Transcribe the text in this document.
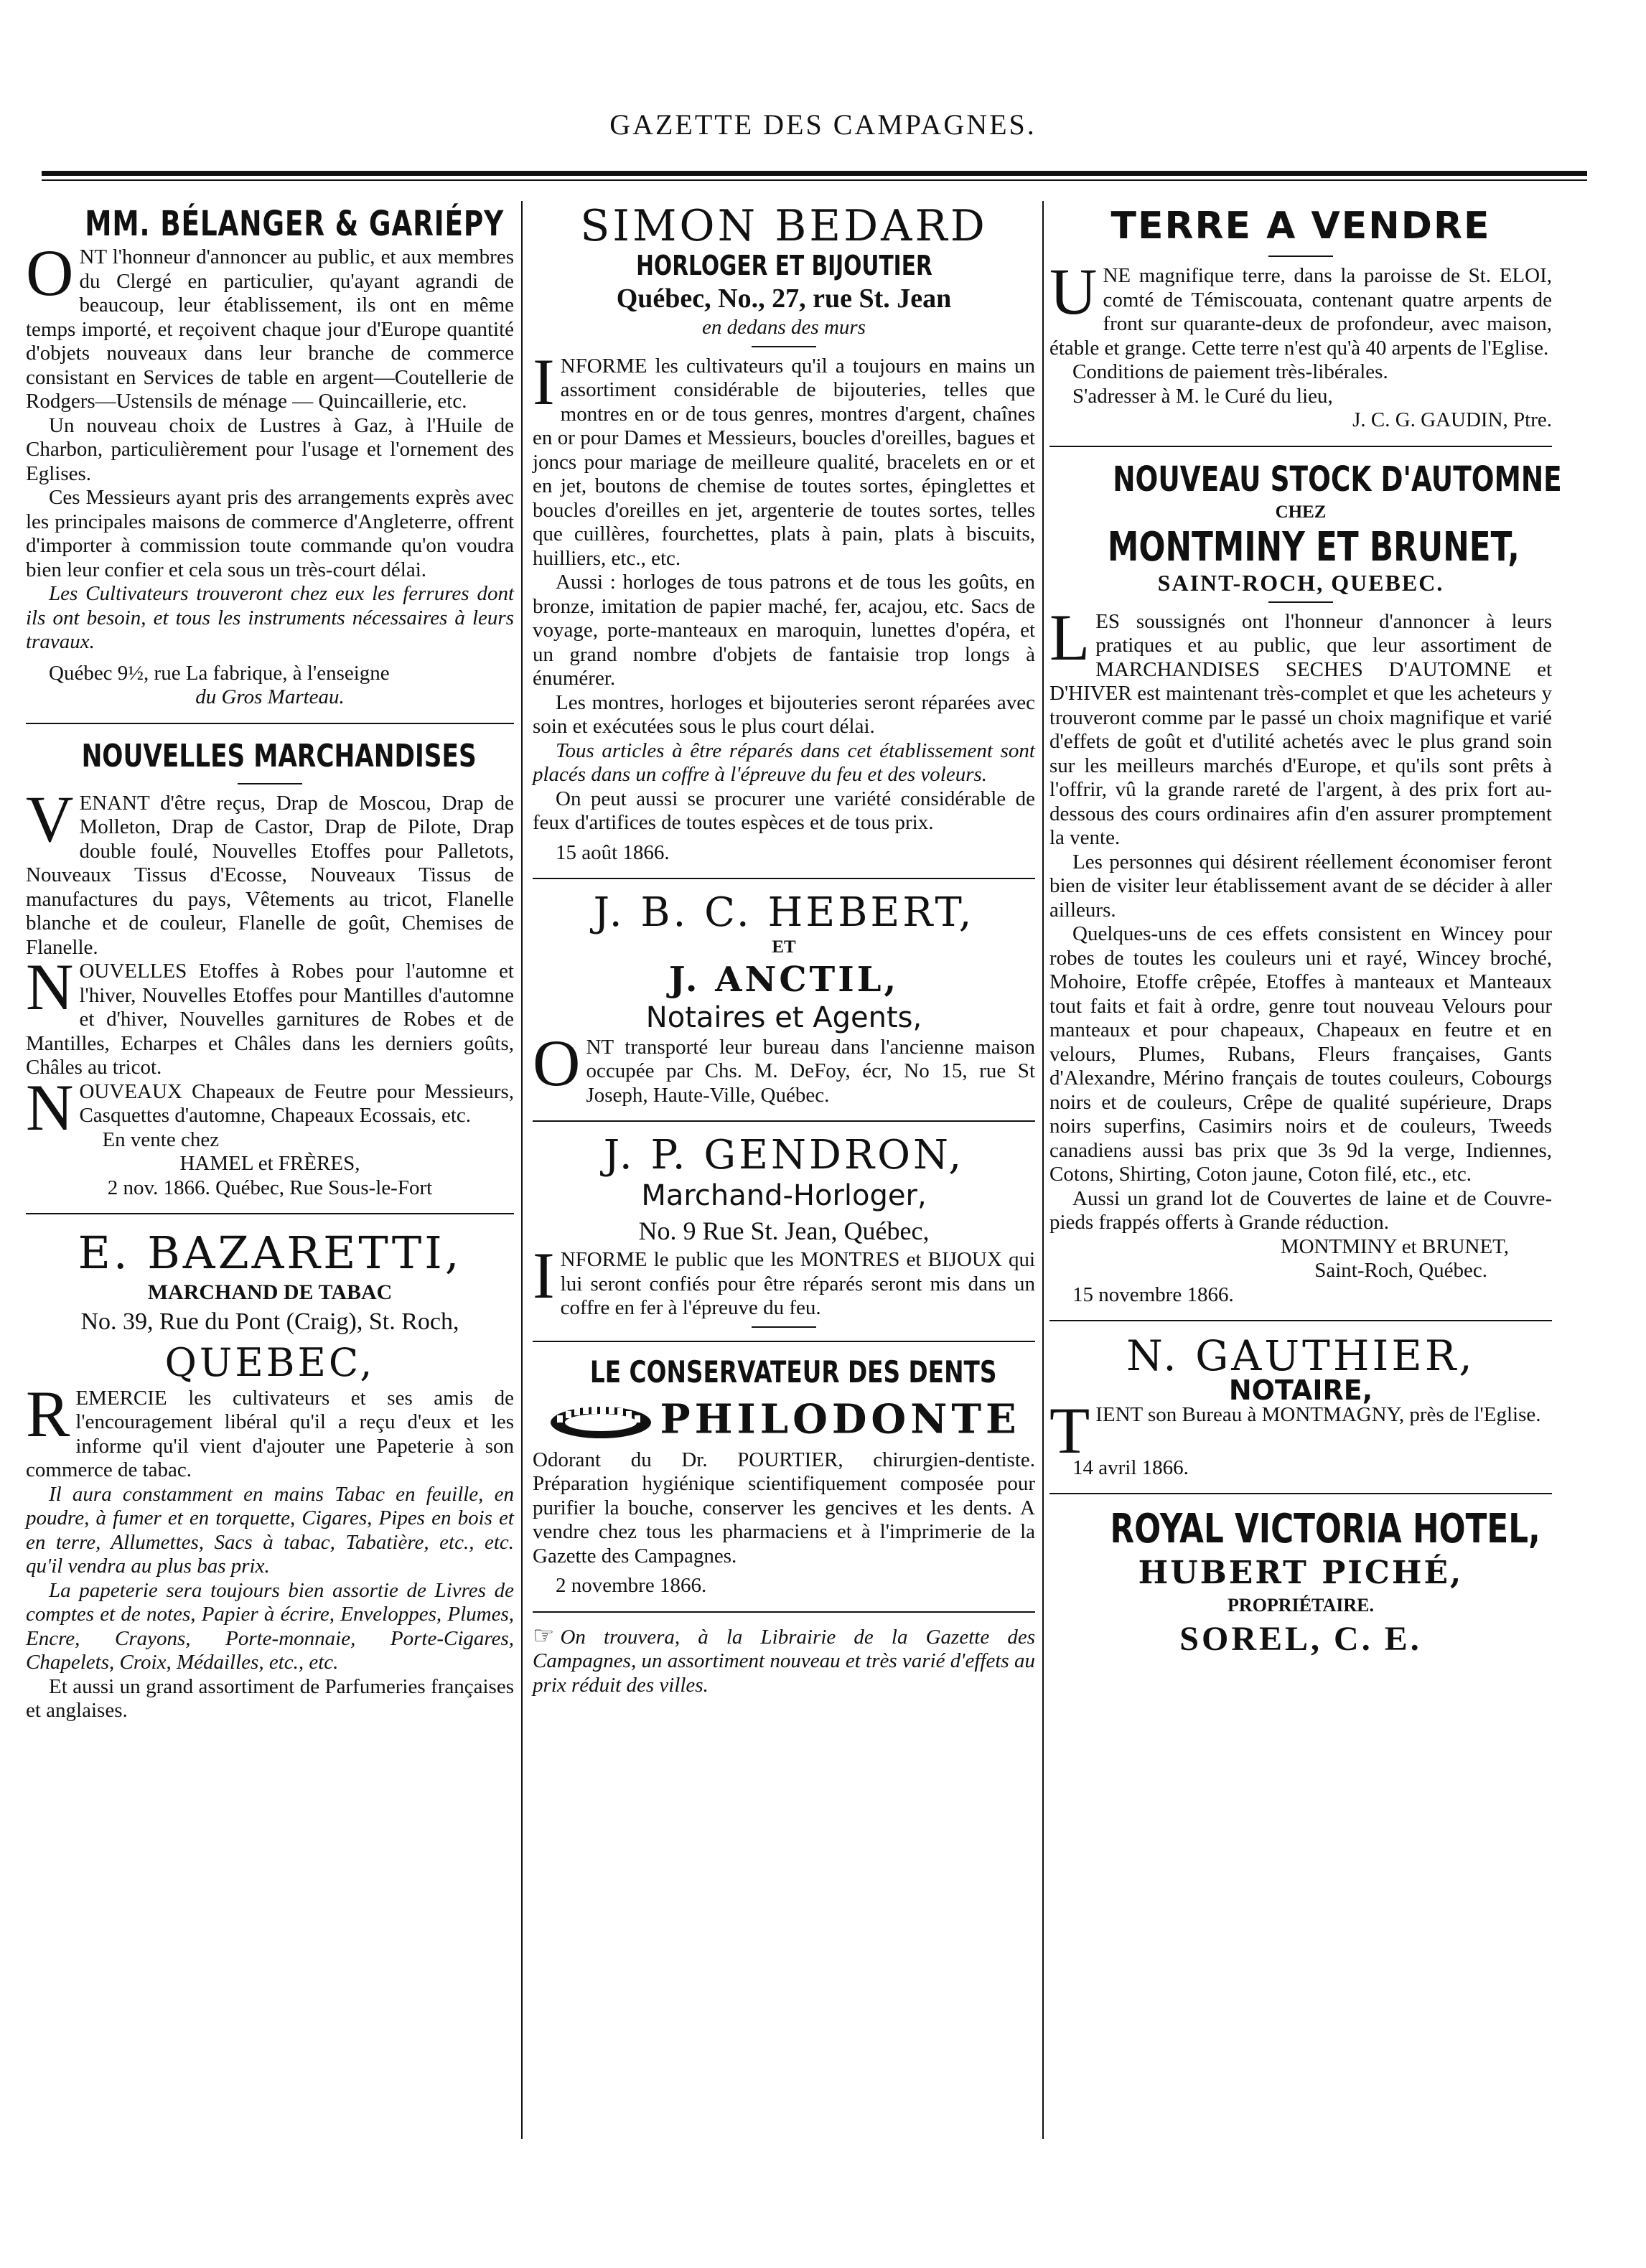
GAZETTE DES CAMPAGNES.
MM. BÉLANGER & GARIÉPY

ONT l'honneur d'annoncer au public, et aux membres du Clergé en particulier, qu'ayant agrandi de beaucoup, leur établissement, ils ont en même temps importé, et reçoivent chaque jour d'Europe quantité d'objets nouveaux dans leur branche de commerce consistant en Services de table en argent—Coutellerie de Rodgers—Ustensils de ménage — Quincaillerie, etc.

Un nouveau choix de Lustres à Gaz, à l'Huile de Charbon, particulièrement pour l'usage et l'ornement des Eglises.

Ces Messieurs ayant pris des arrangements exprès avec les principales maisons de commerce d'Angleterre, offrent d'importer à commission toute commande qu'on voudra bien leur confier et cela sous un très-court délai.

Les Cultivateurs trouveront chez eux les ferrures dont ils ont besoin, et tous les instruments nécessaires à leurs travaux.

Québec 9½, rue La fabrique, à l'enseigne

du Gros Marteau.

NOUVELLES MARCHANDISES

VENANT d'être reçus, Drap de Moscou, Drap de Molleton, Drap de Castor, Drap de Pilote, Drap double foulé, Nouvelles Etoffes pour Palletots, Nouveaux Tissus d'Ecosse, Nouveaux Tissus de manufactures du pays, Vêtements au tricot, Flanelle blanche et de couleur, Flanelle de goût, Chemises de Flanelle.

NOUVELLES Etoffes à Robes pour l'automne et l'hiver, Nouvelles Etoffes pour Mantilles d'automne et d'hiver, Nouvelles garnitures de Robes et de Mantilles, Echarpes et Châles dans les derniers goûts, Châles au tricot.

NOUVEAUX Chapeaux de Feutre pour Messieurs, Casquettes d'automne, Chapeaux Ecossais, etc.

En vente chez

HAMEL et FRÈRES,

2 nov. 1866. Québec, Rue Sous-le-Fort

E. BAZARETTI,
MARCHAND DE TABAC
No. 39, Rue du Pont (Craig), St. Roch,
QUEBEC,

REMERCIE les cultivateurs et ses amis de l'encouragement libéral qu'il a reçu d'eux et les informe qu'il vient d'ajouter une Papeterie à son commerce de tabac.

Il aura constamment en mains Tabac en feuille, en poudre, à fumer et en torquette, Cigares, Pipes en bois et en terre, Allumettes, Sacs à tabac, Tabatière, etc., etc. qu'il vendra au plus bas prix.

La papeterie sera toujours bien assortie de Livres de comptes et de notes, Papier à écrire, Enveloppes, Plumes, Encre, Crayons, Porte-monnaie, Porte-Cigares, Chapelets, Croix, Médailles, etc., etc.

Et aussi un grand assortiment de Parfumeries françaises et anglaises.

SIMON BEDARD
HORLOGER ET BIJOUTIER
Québec, No., 27, rue St. Jean
en dedans des murs

INFORME les cultivateurs qu'il a toujours en mains un assortiment considérable de bijouteries, telles que montres en or de tous genres, montres d'argent, chaînes en or pour Dames et Messieurs, boucles d'oreilles, bagues et joncs pour mariage de meilleure qualité, bracelets en or et en jet, boutons de chemise de toutes sortes, épinglettes et boucles d'oreilles en jet, argenterie de toutes sortes, telles que cuillères, fourchettes, plats à pain, plats à biscuits, huilliers, etc., etc.

Aussi : horloges de tous patrons et de tous les goûts, en bronze, imitation de papier maché, fer, acajou, etc. Sacs de voyage, porte-manteaux en maroquin, lunettes d'opéra, et un grand nombre d'objets de fantaisie trop longs à énumérer.

Les montres, horloges et bijouteries seront réparées avec soin et exécutées sous le plus court délai.

Tous articles à être réparés dans cet établissement sont placés dans un coffre à l'épreuve du feu et des voleurs.

On peut aussi se procurer une variété considérable de feux d'artifices de toutes espèces et de tous prix.

15 août 1866.

J. B. C. HEBERT,
ET
J. ANCTIL,
Notaires et Agents,

ONT transporté leur bureau dans l'ancienne maison occupée par Chs. M. DeFoy, écr, No 15, rue St Joseph, Haute-Ville, Québec.

J. P. GENDRON,
Marchand-Horloger,
No. 9 Rue St. Jean, Québec,

INFORME le public que les MONTRES et BIJOUX qui lui seront confiés pour être réparés seront mis dans un coffre en fer à l'épreuve du feu.

LE CONSERVATEUR DES DENTS
PHILODONTE

Odorant du Dr. POURTIER, chirurgien-dentiste. Préparation hygiénique scientifiquement composée pour purifier la bouche, conserver les gencives et les dents. A vendre chez tous les pharmaciens et à l'imprimerie de la Gazette des Campagnes.

2 novembre 1866.

☞ On trouvera, à la Librairie de la Gazette des Campagnes, un assortiment nouveau et très varié d'effets au prix réduit des villes.

TERRE A VENDRE

UNE magnifique terre, dans la paroisse de St. ELOI, comté de Témiscouata, contenant quatre arpents de front sur quarante-deux de profondeur, avec maison, étable et grange. Cette terre n'est qu'à 40 arpents de l'Eglise.

Conditions de paiement très-libérales.

S'adresser à M. le Curé du lieu,

J. C. G. GAUDIN, Ptre.

NOUVEAU STOCK D'AUTOMNE
CHEZ
MONTMINY ET BRUNET,
SAINT-ROCH, QUEBEC.

LES soussignés ont l'honneur d'annoncer à leurs pratiques et au public, que leur assortiment de MARCHANDISES SECHES D'AUTOMNE et D'HIVER est maintenant très-complet et que les acheteurs y trouveront comme par le passé un choix magnifique et varié d'effets de goût et d'utilité achetés avec le plus grand soin sur les meilleurs marchés d'Europe, et qu'ils sont prêts à l'offrir, vû la grande rareté de l'argent, à des prix fort au-dessous des cours ordinaires afin d'en assurer promptement la vente.

Les personnes qui désirent réellement économiser feront bien de visiter leur établissement avant de se décider à aller ailleurs.

Quelques-uns de ces effets consistent en Wincey pour robes de toutes les couleurs uni et rayé, Wincey broché, Mohoire, Etoffe crêpée, Etoffes à manteaux et Manteaux tout faits et fait à ordre, genre tout nouveau Velours pour manteaux et pour chapeaux, Chapeaux en feutre et en velours, Plumes, Rubans, Fleurs françaises, Gants d'Alexandre, Mérino français de toutes couleurs, Cobourgs noirs et de couleurs, Crêpe de qualité supérieure, Draps noirs superfins, Casimirs noirs et de couleurs, Tweeds canadiens aussi bas prix que 3s 9d la verge, Indiennes, Cotons, Shirting, Coton jaune, Coton filé, etc., etc.

Aussi un grand lot de Couvertes de laine et de Couvre-pieds frappés offerts à Grande réduction.

MONTMINY et BRUNET,

Saint-Roch, Québec.

15 novembre 1866.

N. GAUTHIER,
NOTAIRE,

TIENT son Bureau à MONTMAGNY, près de l'Eglise.

14 avril 1866.

ROYAL VICTORIA HOTEL,
HUBERT PICHÉ,
PROPRIÉTAIRE.
SOREL, C. E.
